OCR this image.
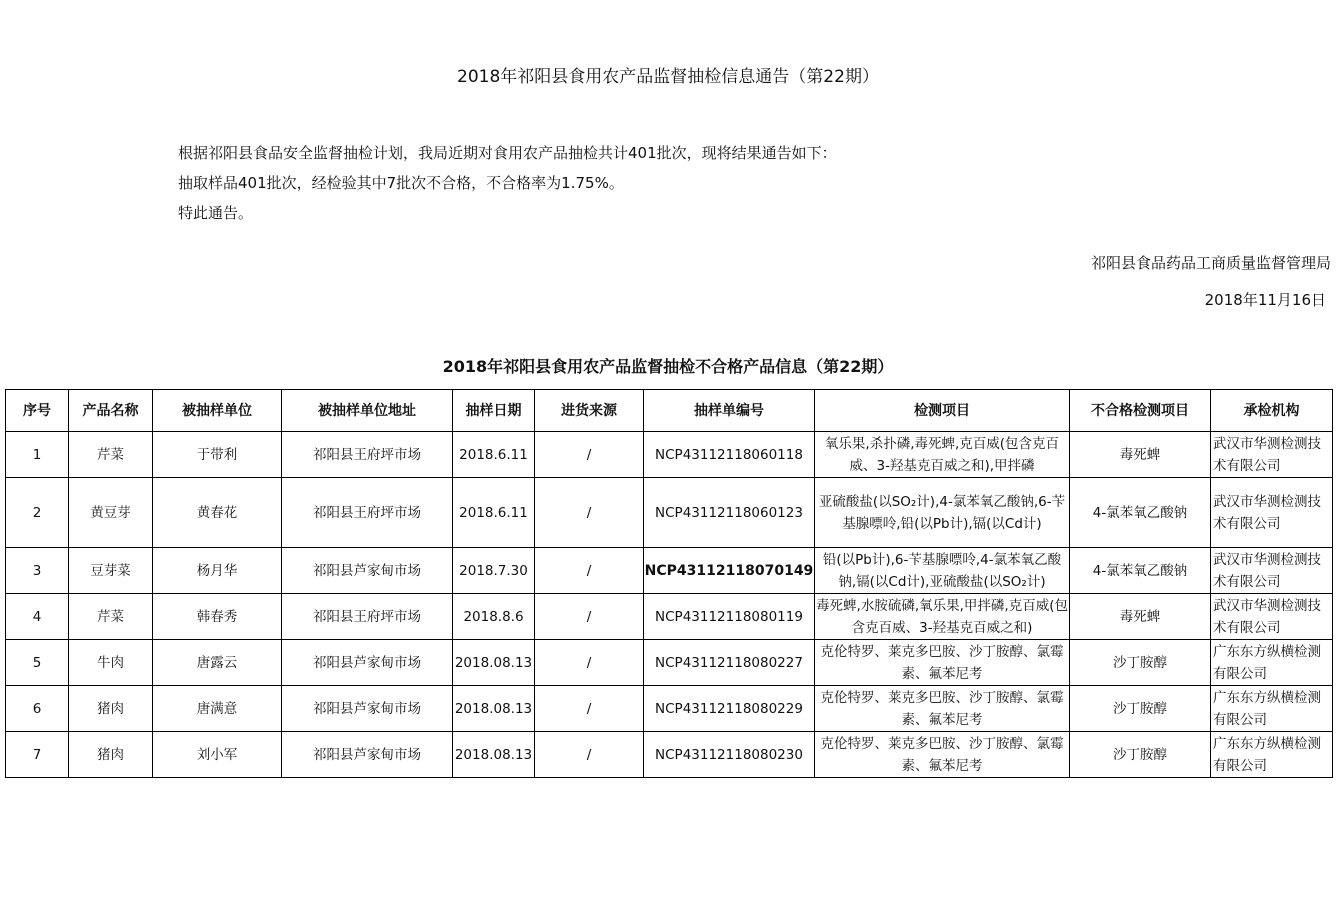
2018年祁阳县食用农产品监督抽检信息通告（第22期）

根据祁阳县食品安全监督抽检计划，我局近期对食用农产品抽检共计401批次，现将结果通告如下：

抽取样品401批次，经检验其中7批次不合格，不合格率为1.75%。

特此通告。

祁阳县食品药品工商质量监督管理局
2018年11月16日
2018年祁阳县食用农产品监督抽检不合格产品信息（第22期）
序号	产品名称	被抽样单位	被抽样单位地址	抽样日期	进货来源	抽样单编号	检测项目	不合格检测项目	承检机构
1	芹菜	于带利	祁阳县王府坪市场	2018.6.11	/	NCP43112118060118	氧乐果,杀扑磷,毒死蜱,克百威(包含克百威、3-羟基克百威之和),甲拌磷	毒死蜱	武汉市华测检测技术有限公司
2	黄豆芽	黄春花	祁阳县王府坪市场	2018.6.11	/	NCP43112118060123	亚硫酸盐(以SO₂计),4-氯苯氧乙酸钠,6-苄基腺嘌呤,铅(以Pb计),镉(以Cd计)	4-氯苯氧乙酸钠	武汉市华测检测技术有限公司
3	豆芽菜	杨月华	祁阳县芦家甸市场	2018.7.30	/	NCP43112118070149	铅(以Pb计),6-苄基腺嘌呤,4-氯苯氧乙酸钠,镉(以Cd计),亚硫酸盐(以SO₂计)	4-氯苯氧乙酸钠	武汉市华测检测技术有限公司
4	芹菜	韩春秀	祁阳县王府坪市场	2018.8.6	/	NCP43112118080119	毒死蜱,水胺硫磷,氧乐果,甲拌磷,克百威(包含克百威、3-羟基克百威之和)	毒死蜱	武汉市华测检测技术有限公司
5	牛肉	唐露云	祁阳县芦家甸市场	2018.08.13	/	NCP43112118080227	克伦特罗、莱克多巴胺、沙丁胺醇、氯霉素、氟苯尼考	沙丁胺醇	广东东方纵横检测有限公司
6	猪肉	唐满意	祁阳县芦家甸市场	2018.08.13	/	NCP43112118080229	克伦特罗、莱克多巴胺、沙丁胺醇、氯霉素、氟苯尼考	沙丁胺醇	广东东方纵横检测有限公司
7	猪肉	刘小军	祁阳县芦家甸市场	2018.08.13	/	NCP43112118080230	克伦特罗、莱克多巴胺、沙丁胺醇、氯霉素、氟苯尼考	沙丁胺醇	广东东方纵横检测有限公司
